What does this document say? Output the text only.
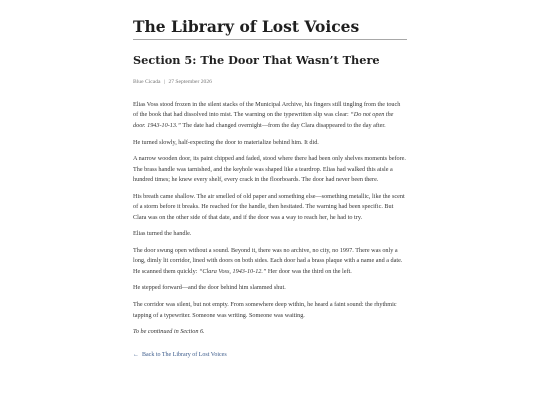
The Library of Lost Voices
Section 5: The Door That Wasn’t There
Blue Cicada | 27 September 2026

Elias Voss stood frozen in the silent stacks of the Municipal Archive, his fingers still tingling from the touch of the book that had dissolved into mist. The warning on the typewritten slip was clear: “Do not open the door. 1943-10-13.” The date had changed overnight—from the day Clara disappeared to the day after.

He turned slowly, half-expecting the door to materialize behind him. It did.

A narrow wooden door, its paint chipped and faded, stood where there had been only shelves moments before. The brass handle was tarnished, and the keyhole was shaped like a teardrop. Elias had walked this aisle a hundred times; he knew every shelf, every crack in the floorboards. The door had never been there.

His breath came shallow. The air smelled of old paper and something else—something metallic, like the scent of a storm before it breaks. He reached for the handle, then hesitated. The warning had been specific. But Clara was on the other side of that date, and if the door was a way to reach her, he had to try.

Elias turned the handle.

The door swung open without a sound. Beyond it, there was no archive, no city, no 1997. There was only a long, dimly lit corridor, lined with doors on both sides. Each door had a brass plaque with a name and a date. He scanned them quickly: “Clara Voss, 1943-10-12.” Her door was the third on the left.

He stepped forward—and the door behind him slammed shut.

The corridor was silent, but not empty. From somewhere deep within, he heard a faint sound: the rhythmic tapping of a typewriter. Someone was writing. Someone was waiting.

To be continued in Section 6.

← Back to The Library of Lost Voices
